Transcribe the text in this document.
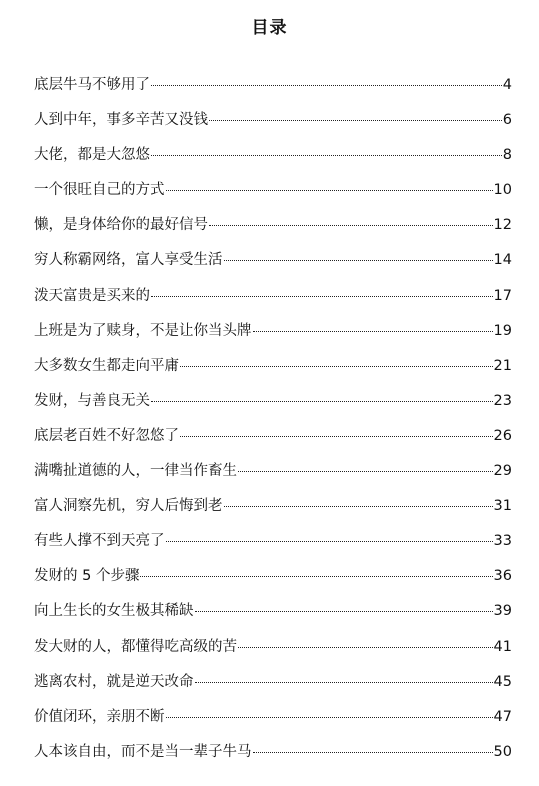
目录
底层牛马不够用了	4
人到中年，事多辛苦又没钱	6
大佬，都是大忽悠	8
一个很旺自己的方式	10
懒，是身体给你的最好信号	12
穷人称霸网络，富人享受生活	14
泼天富贵是买来的	17
上班是为了赎身，不是让你当头牌	19
大多数女生都走向平庸	21
发财，与善良无关	23
底层老百姓不好忽悠了	26
满嘴扯道德的人，一律当作畜生	29
富人洞察先机，穷人后悔到老	31
有些人撑不到天亮了	33
发财的 5 个步骤	36
向上生长的女生极其稀缺	39
发大财的人，都懂得吃高级的苦	41
逃离农村，就是逆天改命	45
价值闭环，亲朋不断	47
人本该自由，而不是当一辈子牛马	50
